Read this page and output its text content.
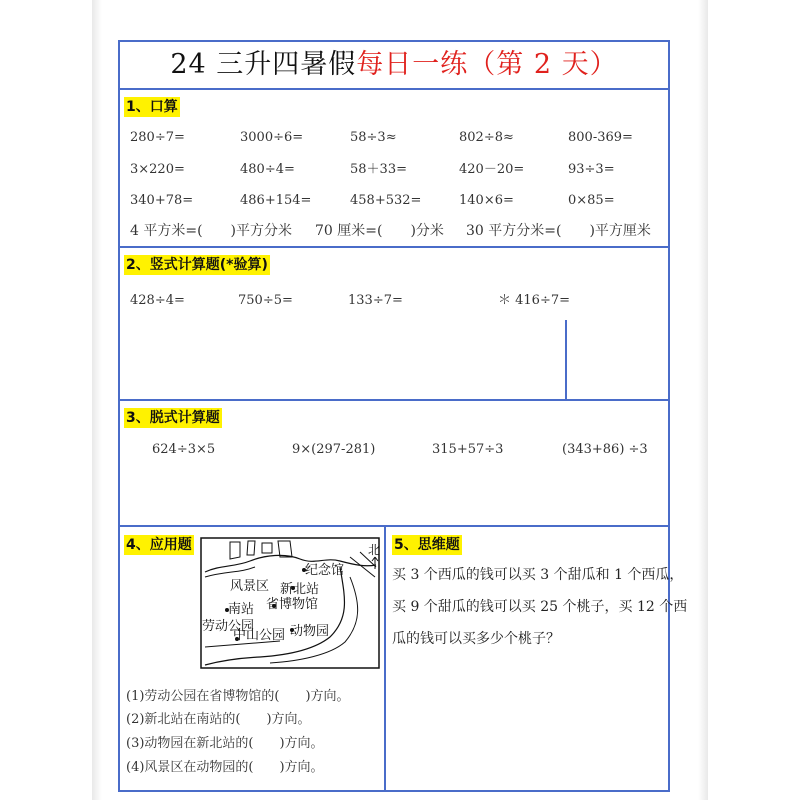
24 三升四暑假每日一练（第 2 天）
1、口算
280÷7=	3000÷6=	58÷3≈	802÷8≈	800-369=
3×220=	480÷4=	58＋33=	420－20=	93÷3=
340+78=	486+154=	458+532=	140×6=	0×85=
4 平方米=(　　)平方分米 70 厘米=(　　)分米 30 平方分米=(　　)平方厘米
2、竖式计算题(*验算)
428÷4=	750÷5=	133÷7=	＊ 416÷7=
3、脱式计算题
624÷3×5	9×(297-281)	315+57÷3	(343+86) ÷3
4、应用题	北
纪念馆
风景区 新北站
南站 省博物馆
劳动公园
中山公园 动物园
(1)劳动公园在省博物馆的(　　)方向。
(2)新北站在南站的(　　)方向。
(3)动物园在新北站的(　　)方向。
(4)风景区在动物园的(　　)方向。
5、思维题
买 3 个西瓜的钱可以买 3 个甜瓜和 1 个西瓜，
买 9 个甜瓜的钱可以买 25 个桃子，买 12 个西
瓜的钱可以买多少个桃子？
